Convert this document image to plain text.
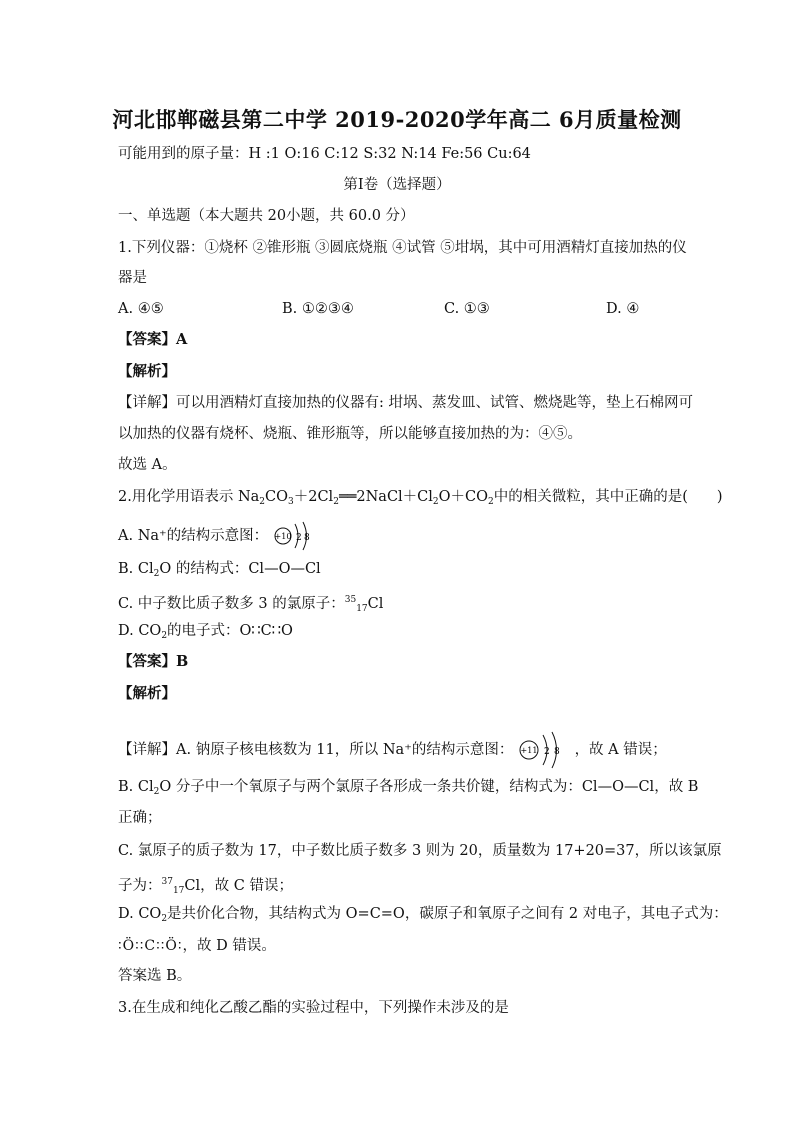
河北邯郸磁县第二中学 2019-2020学年高二 6月质量检测
可能用到的原子量：H :1 O:16 C:12 S:32 N:14 Fe:56 Cu:64
第Ⅰ卷（选择题）
一、单选题（本大题共 20小题，共 60.0 分）
1.下列仪器：①烧杯 ②锥形瓶 ③圆底烧瓶 ④试管 ⑤坩埚，其中可用酒精灯直接加热的仪
器是
A. ④⑤	B. ①②③④	C. ①③	D. ④
【答案】A
【解析】
【详解】可以用酒精灯直接加热的仪器有: 坩埚、蒸发皿、试管、燃烧匙等，垫上石棉网可
以加热的仪器有烧杯、烧瓶、锥形瓶等，所以能够直接加热的为：④⑤。
故选 A。
2.用化学用语表示 $Na_2CO_3+2Cl_2══2NaCl+Cl_2O+CO_2$中的相关微粒，其中正确的是(　　)
A. Na⁺的结构示意图： +10 2 8
B. $Cl_2O$ 的结构式：Cl—O—Cl
C. 中子数比质子数多 3 的氯原子：$^{35}_{17}$Cl
D. $CO_2$的电子式：O∷C∷O
【答案】B
【解析】
【详解】A. 钠原子核电核数为 11，所以 Na⁺的结构示意图： +11 2 8 ，故 A 错误；
B. $Cl_2O$ 分子中一个氧原子与两个氯原子各形成一条共价键，结构式为：Cl—O—Cl，故 B
正确；
C. 氯原子的质子数为 17，中子数比质子数多 3 则为 20，质量数为 17+20=37，所以该氯原
子为：$^{37}_{17}$Cl，故 C 错误；
D. $CO_2$是共价化合物，其结构式为 O=C=O，碳原子和氧原子之间有 2 对电子，其电子式为：
∶Ö∶∶C∶∶Ö∶，故 D 错误。
答案选 B。
3.在生成和纯化乙酸乙酯的实验过程中，下列操作未涉及的是
